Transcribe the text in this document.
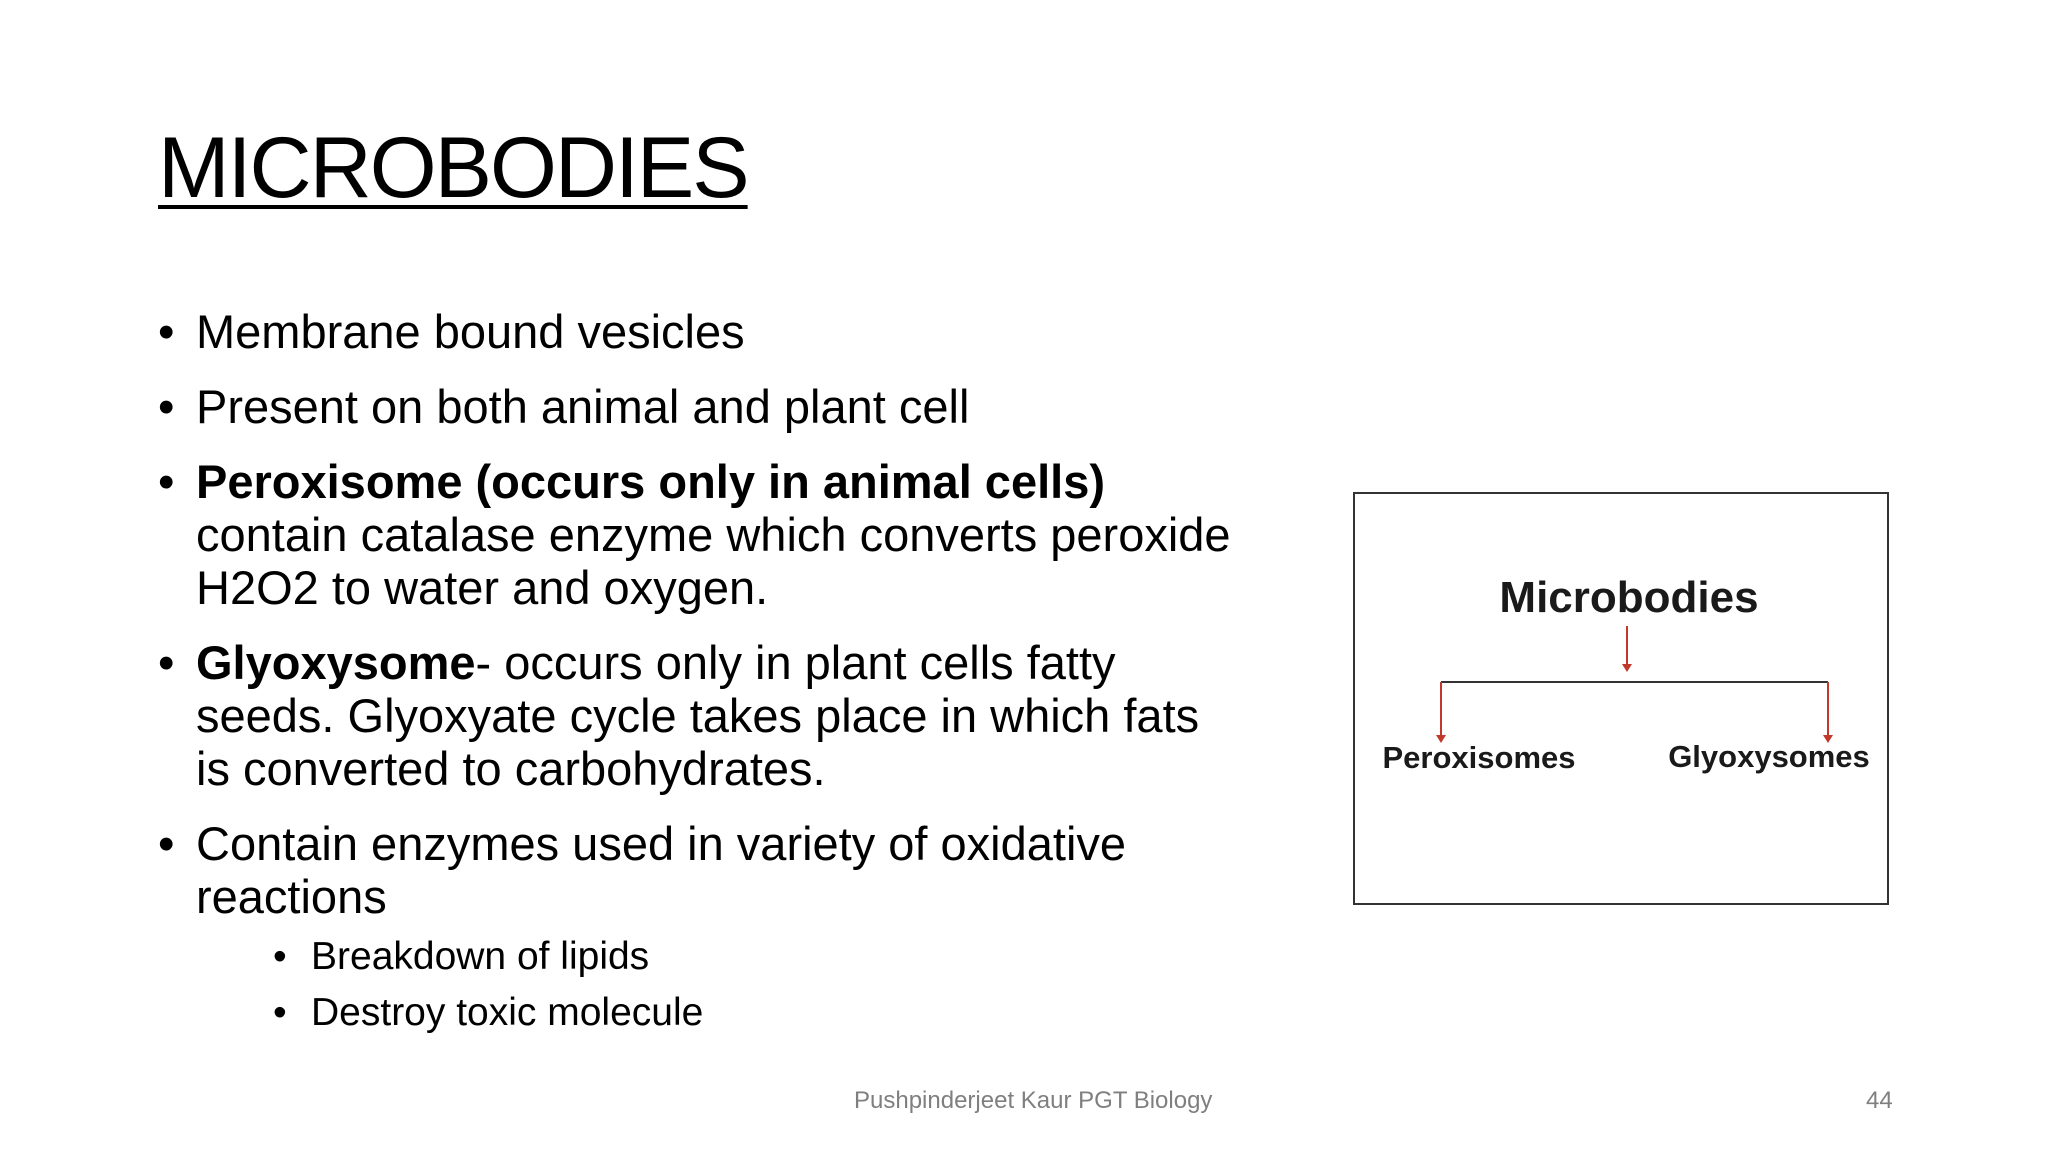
MICROBODIES
• Membrane bound vesicles
• Present on both animal and plant cell
• Peroxisome (occurs only in animal cells) contain catalase enzyme which converts peroxide H2O2 to water and oxygen.
• Glyoxysome- occurs only in plant cells fatty seeds. Glyoxyate cycle takes place in which fats is converted to carbohydrates.
• Contain enzymes used in variety of oxidative reactions
• Breakdown of lipids
• Destroy toxic molecule
Microbodies
Peroxisomes	Glyoxysomes
Pushpinderjeet Kaur PGT Biology	44
